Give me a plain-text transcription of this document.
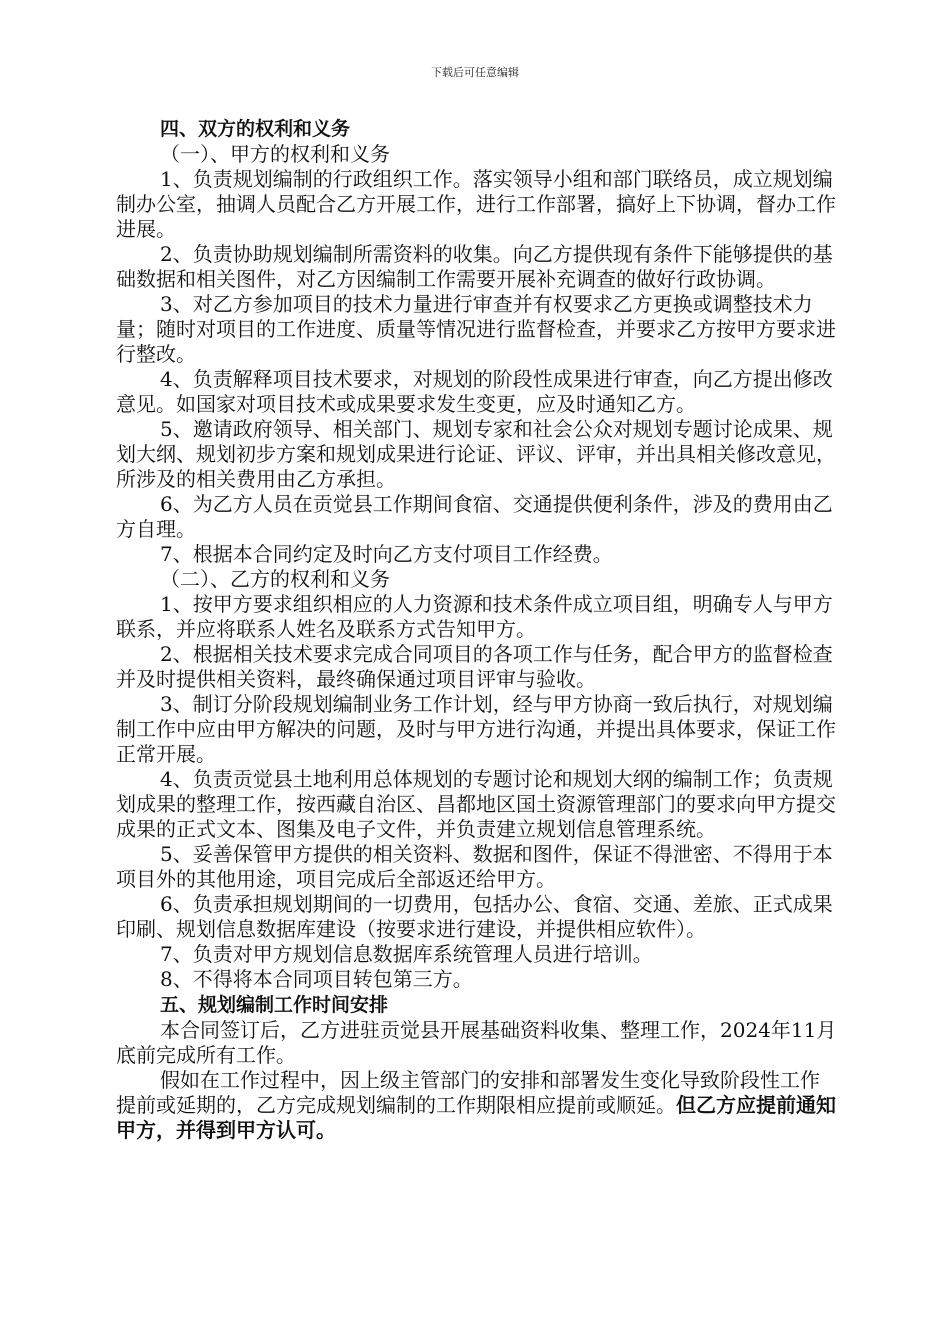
下载后可任意编辑

四、双方的权利和义务

（一）、甲方的权利和义务

1、负责规划编制的行政组织工作。落实领导小组和部门联络员，成立规划编制办公室，抽调人员配合乙方开展工作，进行工作部署，搞好上下协调，督办工作进展。

2、负责协助规划编制所需资料的收集。向乙方提供现有条件下能够提供的基础数据和相关图件，对乙方因编制工作需要开展补充调查的做好行政协调。

3、对乙方参加项目的技术力量进行审查并有权要求乙方更换或调整技术力量；随时对项目的工作进度、质量等情况进行监督检查，并要求乙方按甲方要求进行整改。

4、负责解释项目技术要求，对规划的阶段性成果进行审查，向乙方提出修改意见。如国家对项目技术或成果要求发生变更，应及时通知乙方。

5、邀请政府领导、相关部门、规划专家和社会公众对规划专题讨论成果、规划大纲、规划初步方案和规划成果进行论证、评议、评审，并出具相关修改意见，所涉及的相关费用由乙方承担。

6、为乙方人员在贡觉县工作期间食宿、交通提供便利条件，涉及的费用由乙方自理。

7、根据本合同约定及时向乙方支付项目工作经费。

（二）、乙方的权利和义务

1、按甲方要求组织相应的人力资源和技术条件成立项目组，明确专人与甲方联系，并应将联系人姓名及联系方式告知甲方。

2、根据相关技术要求完成合同项目的各项工作与任务，配合甲方的监督检查并及时提供相关资料，最终确保通过项目评审与验收。

3、制订分阶段规划编制业务工作计划，经与甲方协商一致后执行，对规划编制工作中应由甲方解决的问题，及时与甲方进行沟通，并提出具体要求，保证工作正常开展。

4、负责贡觉县土地利用总体规划的专题讨论和规划大纲的编制工作；负责规划成果的整理工作，按西藏自治区、昌都地区国土资源管理部门的要求向甲方提交成果的正式文本、图集及电子文件，并负责建立规划信息管理系统。

5、妥善保管甲方提供的相关资料、数据和图件，保证不得泄密、不得用于本项目外的其他用途，项目完成后全部返还给甲方。

6、负责承担规划期间的一切费用，包括办公、食宿、交通、差旅、正式成果印刷、规划信息数据库建设（按要求进行建设，并提供相应软件）。

7、负责对甲方规划信息数据库系统管理人员进行培训。

8、不得将本合同项目转包第三方。

五、规划编制工作时间安排

本合同签订后，乙方进驻贡觉县开展基础资料收集、整理工作，2024年11月底前完成所有工作。

假如在工作过程中，因上级主管部门的安排和部署发生变化导致阶段性工作提前或延期的，乙方完成规划编制的工作期限相应提前或顺延。但乙方应提前通知甲方，并得到甲方认可。
